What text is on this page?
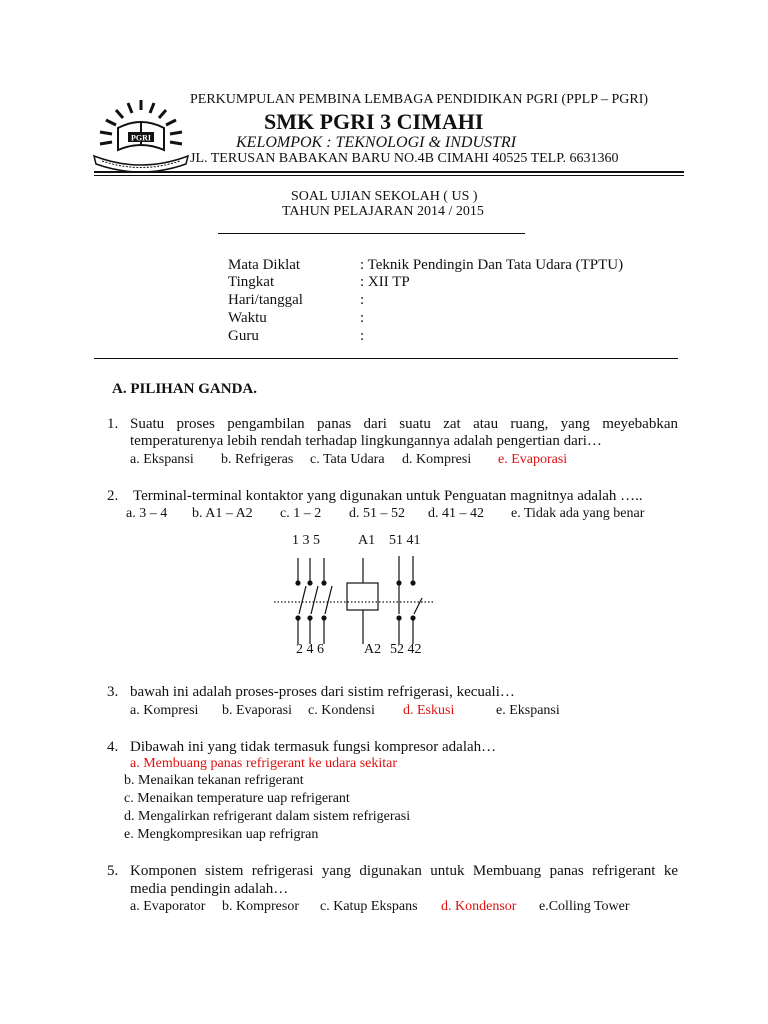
PGRI
PERKUMPULAN PEMBINA LEMBAGA PENDIDIKAN PGRI (PPLP – PGRI)
SMK PGRI 3 CIMAHI
KELOMPOK : TEKNOLOGI & INDUSTRI
JL. TERUSAN BABAKAN BARU NO.4B CIMAHI 40525 TELP. 6631360
SOAL UJIAN SEKOLAH ( US )
TAHUN PELAJARAN 2014 / 2015
Mata Diklat	: Teknik Pendingin Dan Tata Udara (TPTU)
Tingkat	: XII TP
Hari/tanggal	:
Waktu	:
Guru	:
A. PILIHAN GANDA.
1. Suatu proses pengambilan panas dari suatu zat atau ruang, yang meyebabkan
temperaturenya lebih rendah terhadap lingkungannya adalah pengertian dari…
a. Ekspansi b. Refrigeras c. Tata Udara d. Kompresi e. Evaporasi
2. Terminal-terminal kontaktor yang digunakan untuk Penguatan magnitnya adalah …..
a. 3 – 4 b. A1 – A2 c. 1 – 2 d. 51 – 52 d. 41 – 42 e. Tidak ada yang benar
1 3 5	A1 51 41
2 4 6	A2 52 42
3. bawah ini adalah proses-proses dari sistim refrigerasi, kecuali…
a. Kompresi b. Evaporasi c. Kondensi d. Eskusi	e. Ekspansi
4. Dibawah ini yang tidak termasuk fungsi kompresor adalah…
a. Membuang panas refrigerant ke udara sekitar
b. Menaikan tekanan refrigerant
c. Menaikan temperature uap refrigerant
d. Mengalirkan refrigerant dalam sistem refrigerasi
e. Mengkompresikan uap refrigran
5. Komponen sistem refrigerasi yang digunakan untuk Membuang panas refrigerant ke
media pendingin adalah…
a. Evaporator b. Kompresor c. Katup Ekspans d. Kondensor e.Colling Tower
